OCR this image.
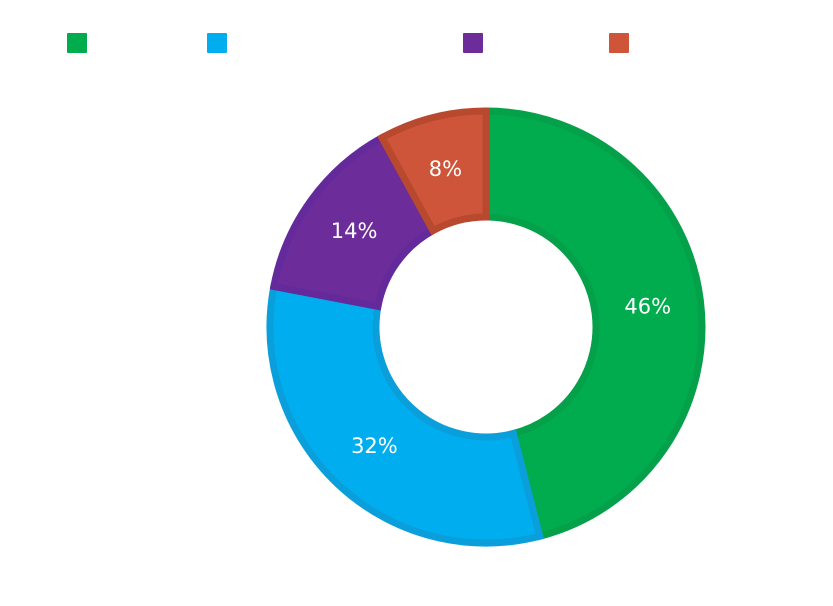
46%
32%
14%
8%
